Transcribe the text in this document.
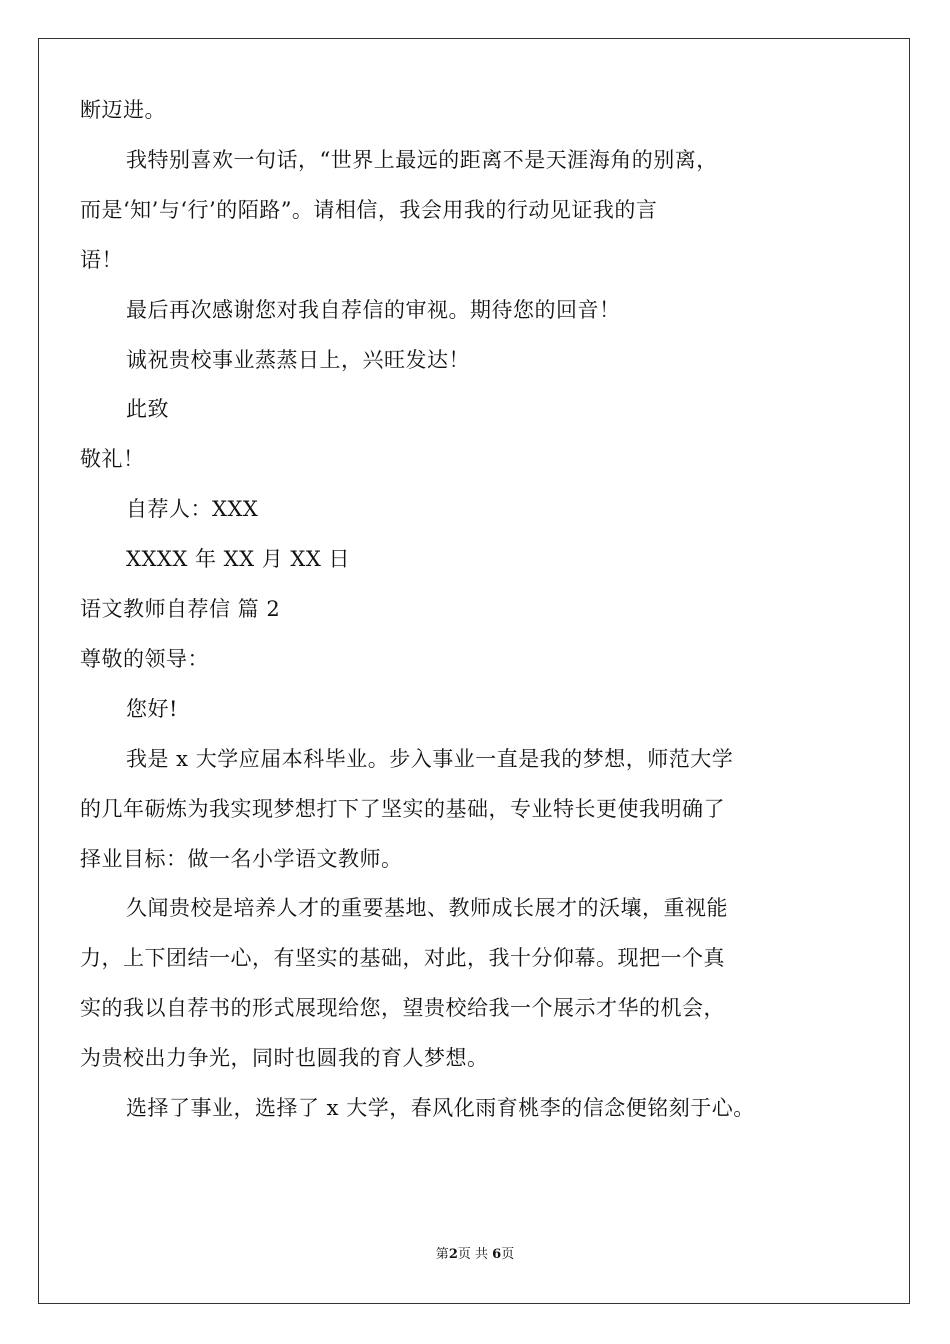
断迈进。
我特别喜欢一句话，“世界上最远的距离不是天涯海角的别离，
而是‘知’与‘行’的陌路”。请相信，我会用我的行动见证我的言
语！
最后再次感谢您对我自荐信的审视。期待您的回音！
诚祝贵校事业蒸蒸日上，兴旺发达！
此致
敬礼！
自荐人：XXX
XXXX 年 XX 月 XX 日
语文教师自荐信 篇 2
尊敬的领导：
您好!
我是 x 大学应届本科毕业。步入事业一直是我的梦想，师范大学
的几年砺炼为我实现梦想打下了坚实的基础，专业特长更使我明确了
择业目标：做一名小学语文教师。
久闻贵校是培养人才的重要基地、教师成长展才的沃壤，重视能
力，上下团结一心，有坚实的基础，对此，我十分仰幕。现把一个真
实的我以自荐书的形式展现给您，望贵校给我一个展示才华的机会，
为贵校出力争光，同时也圆我的育人梦想。
选择了事业，选择了 x 大学，春风化雨育桃李的信念便铭刻于心。
第2页 共 6页
